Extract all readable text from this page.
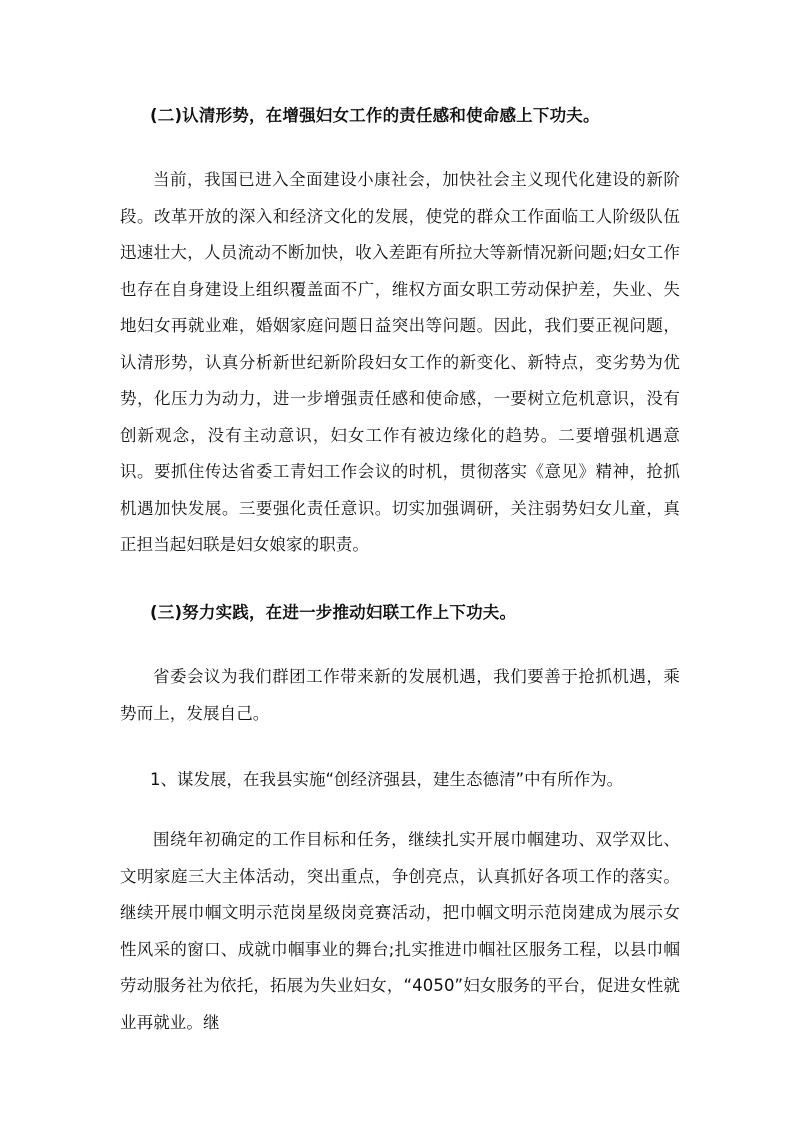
(二)认清形势，在增强妇女工作的责任感和使命感上下功夫。

当前，我国已进入全面建设小康社会，加快社会主义现代化建设的新阶段。改革开放的深入和经济文化的发展，使党的群众工作面临工人阶级队伍迅速壮大，人员流动不断加快，收入差距有所拉大等新情况新问题;妇女工作也存在自身建设上组织覆盖面不广，维权方面女职工劳动保护差，失业、失地妇女再就业难，婚姻家庭问题日益突出等问题。因此，我们要正视问题，认清形势，认真分析新世纪新阶段妇女工作的新变化、新特点，变劣势为优势，化压力为动力，进一步增强责任感和使命感，一要树立危机意识，没有创新观念，没有主动意识，妇女工作有被边缘化的趋势。二要增强机遇意识。要抓住传达省委工青妇工作会议的时机，贯彻落实《意见》精神，抢抓机遇加快发展。三要强化责任意识。切实加强调研，关注弱势妇女儿童，真正担当起妇联是妇女娘家的职责。

(三)努力实践，在进一步推动妇联工作上下功夫。

省委会议为我们群团工作带来新的发展机遇，我们要善于抢抓机遇，乘势而上，发展自己。

1、谋发展，在我县实施“创经济强县，建生态德清”中有所作为。

围绕年初确定的工作目标和任务，继续扎实开展巾帼建功、双学双比、文明家庭三大主体活动，突出重点，争创亮点，认真抓好各项工作的落实。继续开展巾帼文明示范岗星级岗竞赛活动，把巾帼文明示范岗建成为展示女性风采的窗口、成就巾帼事业的舞台;扎实推进巾帼社区服务工程，以县巾帼劳动服务社为依托，拓展为失业妇女，“4050”妇女服务的平台，促进女性就业再就业。继
